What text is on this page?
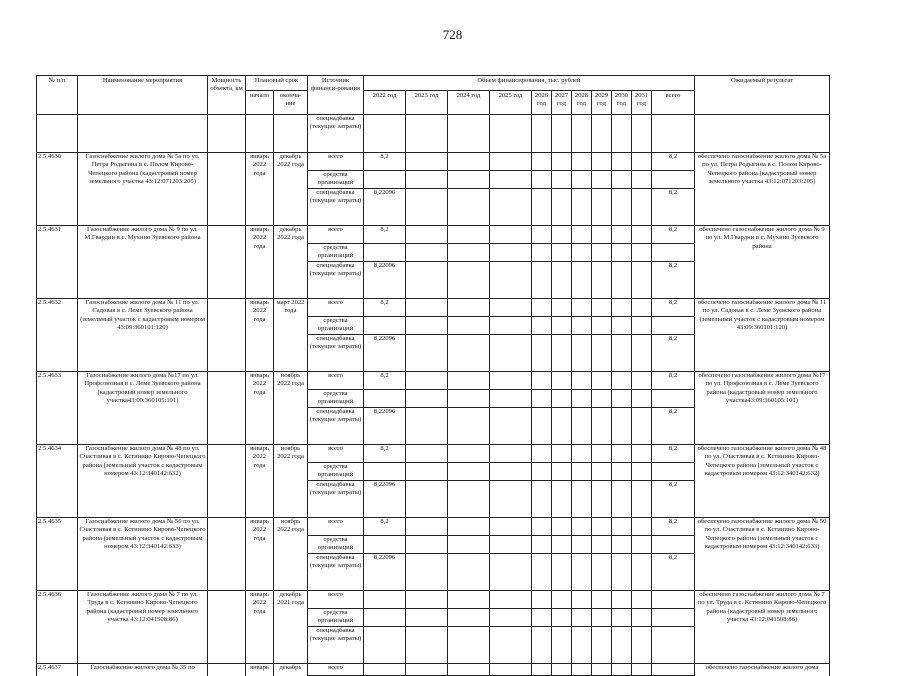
728
№ п/п	Наименование мероприятия	Мощность объекта, км	Плановый срок		Источник финанси-рования	Объем финансирования, тыс. рублей											Ожидаемый результат
			начало	оконча-ние		2022 год	2023 год	2024 год	2025 год	2026 год	2027 год	2028 год	2029 год	2030 год	2031 год	всего	

					спецнадбавка (текущие затраты)												
2.5.4630	Газоснабжение жилого дома № 5а по ул. Петра Родыгина в с. Полом Кирово-Чепецкого района (кадастровый номер земельного участка 43:12:071203:205)		январь 2022 года	декабрь 2022 года	всего	8,2										8,2	обеспечено газоснабжение жилого дома № 5а по ул. Петра Родыгина в с. Полом Кирово-Чепецкого района (кадастровый номер земельного участка 43:12:071203:205)
					средства организаций												
					спецнадбавка (текущие затраты)	8,22096										8,2	
2.5.4631	Газоснабжение жилого дома № 9 по ул. М.Гвардии в с. Мухино Зуевского района		январь 2022 года	декабрь 2022 года	всего	8,2										8,2	обеспечено газоснабжение жилого дома № 9 по ул. М.Гвардии в с. Мухино Зуевского района
					средства организаций												
					спецнадбавка (текущие затраты)	8,22096										8,2	
2.5.4632	Газоснабжение жилого дома № 11 по ул. Садовая в с. Леме Зуевского района (земельный участок с кадастровым номером 43:09:360101:120)		январь 2022 года	март 2022 года	всего	8,2										8,2	обеспечено газоснабжение жилого дома № 11 по ул. Садовая в с. Леме Зуевского района (земельный участок с кадастровым номером 43:09:360101:120)
					средства организаций												
					спецнадбавка (текущие затраты)	8,22096										8,2	
2.5.4633	Газоснабжение жилого дома №17 по ул. Профсоюзная в с. Леме Зуевского района (кадастровый номер земельного участка43:09:360105:101)		январь 2022 года	ноябрь 2022 года	всего	8,2										8,2	обеспечено газоснабжение жилого дома №17 по ул. Профсоюзная в с. Леме Зуевского района (кадастровый номер земельного участка43:09:360105:101)
					средства организаций												
					спецнадбавка (текущие затраты)	8,22096										8,2	
2.5.4634	Газоснабжение жилого дома № 48 по ул. Счастливая в с. Кстинино Кирово-Чепецкого района (земельный участок с кадастровым номером 43:12:340142:632)		январь 2022 года	ноябрь 2022 года	всего	8,2										8,2	обеспечено газоснабжение жилого дома № 48 по ул. Счастливая в с. Кстинино Кирово-Чепецкого района (земельный участок с кадастровым номером 43:12:340142:632)
					средства организаций												
					спецнадбавка (текущие затраты)	8,22096										8,2	
2.5.4635	Газоснабжение жилого дома № 50 по ул. Счастливая в с. Кстинино Кирово-Чепецкого района (земельный участок с кадастровым номером 43:12:340142:633)		январь 2022 года	ноябрь 2022 года	всего	8,2										8,2	обеспечено газоснабжение жилого дома № 50 по ул. Счастливая в с. Кстинино Кирово-Чепецкого района (земельный участок с кадастровым номером 43:12:340142:633)
					средства организаций												
					спецнадбавка (текущие затраты)	8,22096										8,2	
2.5.4636	Газоснабжение жилого дома № 7 по ул. Труда в с. Кстинино Кирово-Чепецкого района (кадастровый номер земельного участка 43:12:041508:86)		январь 2022 года	декабрь 2021 года	всего												обеспечено газоснабжение жилого дома № 7 по ул. Труда в с. Кстинино Кирово-Чепецкого района (кадастровый номер земельного участка 43:12:041508:86)
					средства организаций												
					спецнадбавка (текущие затраты)												
2.5.4637	Газоснабжение жилого дома № 35 по		январь	декабрь	всего												обеспечено газоснабжение жилого дома
